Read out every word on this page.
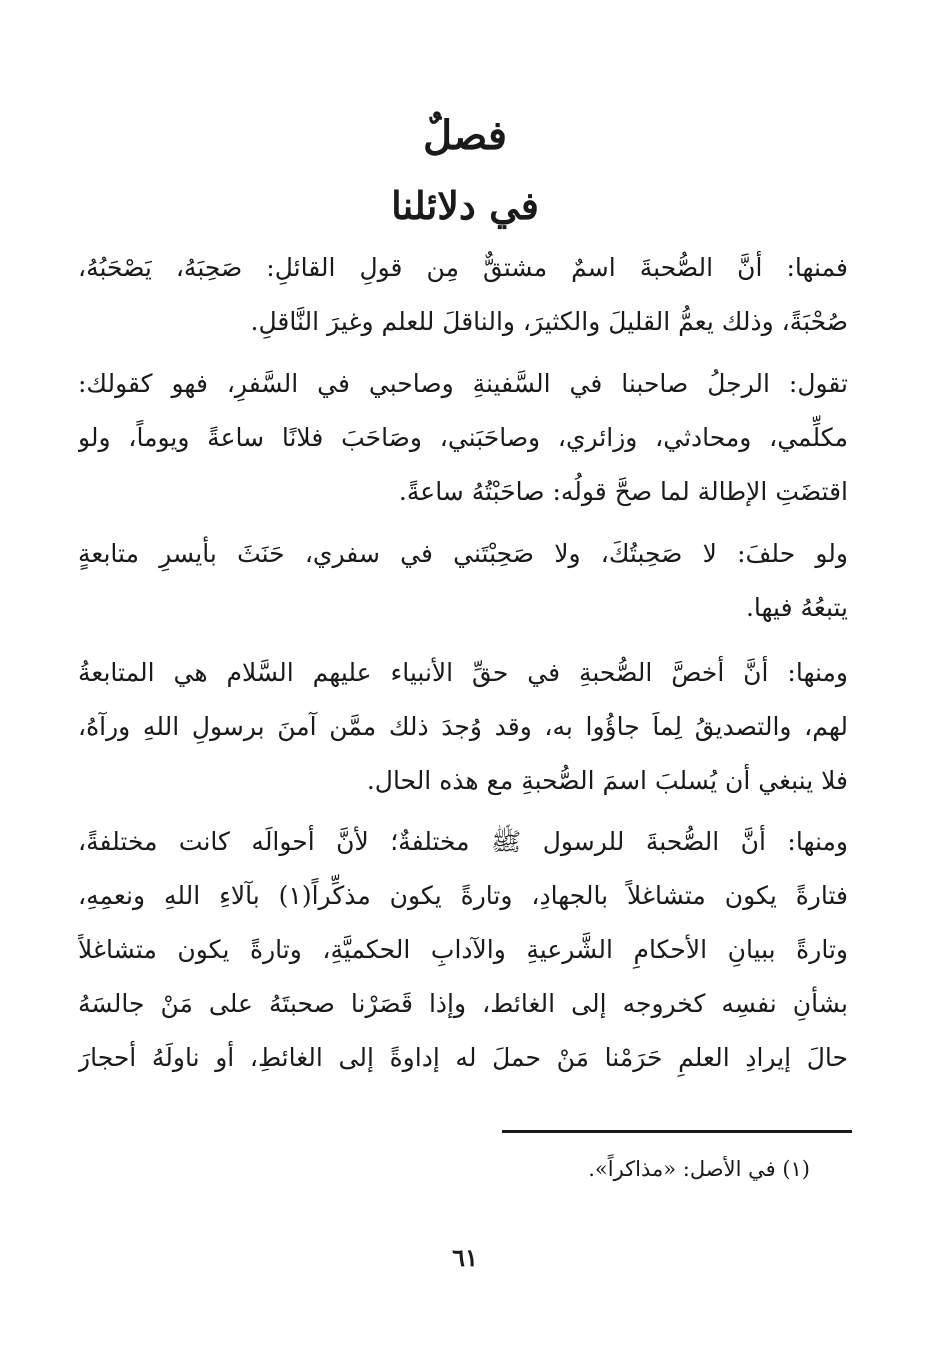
فصلٌ
في دلائلنا
فمنها: أنَّ الصُّحبةَ اسمٌ مشتقٌّ مِن قولِ القائلِ: صَحِبَهُ، يَصْحَبُهُ،
صُحْبَةً، وذلك يعمُّ القليلَ والكثيرَ، والناقلَ للعلم وغيرَ النَّاقلِ.
تقول: الرجلُ صاحبنا في السَّفينةِ وصاحبي في السَّفرِ، فهو كقولك:
مكلِّمي، ومحادثي، وزائري، وصاحَبَني، وصَاحَبَ فلانًا ساعةً ويوماً، ولو
اقتضَتِ الإطالة لما صحَّ قولُه: صاحَبْتُهُ ساعةً.
ولو حلفَ: لا صَحِبتُكَ، ولا صَحِبْتَني في سفري، حَنَثَ بأيسرِ متابعةٍ
يتبعُهُ فيها.
ومنها: أنَّ أخصَّ الصُّحبةِ في حقِّ الأنبياء عليهم السَّلام هي المتابعةُ
لهم، والتصديقُ لِماَ جاؤُوا به، وقد وُجدَ ذلك ممَّن آمنَ برسولِ اللهِ ورآهُ،
فلا ينبغي أن يُسلبَ اسمَ الصُّحبةِ مع هذه الحال.
ومنها: أنَّ الصُّحبةَ للرسول ﷺ مختلفةٌ؛ لأنَّ أحوالَه كانت مختلفةً،
فتارةً يكون متشاغلاً بالجهادِ، وتارةً يكون مذكِّراً(١) بآلاءِ اللهِ ونعمِهِ،
وتارةً ببيانِ الأحكامِ الشَّرعيةِ والآدابِ الحكميَّةِ، وتارةً يكون متشاغلاً
بشأنِ نفسِه كخروجه إلى الغائط، وإذا قَصَرْنا صحبتَهُ على مَنْ جالسَهُ
حالَ إيرادِ العلمِ حَرَمْنا مَنْ حملَ له إداوةً إلى الغائطِ، أو ناولَهُ أحجارَ
(١) في الأصل: «مذاكراً».
٦١
